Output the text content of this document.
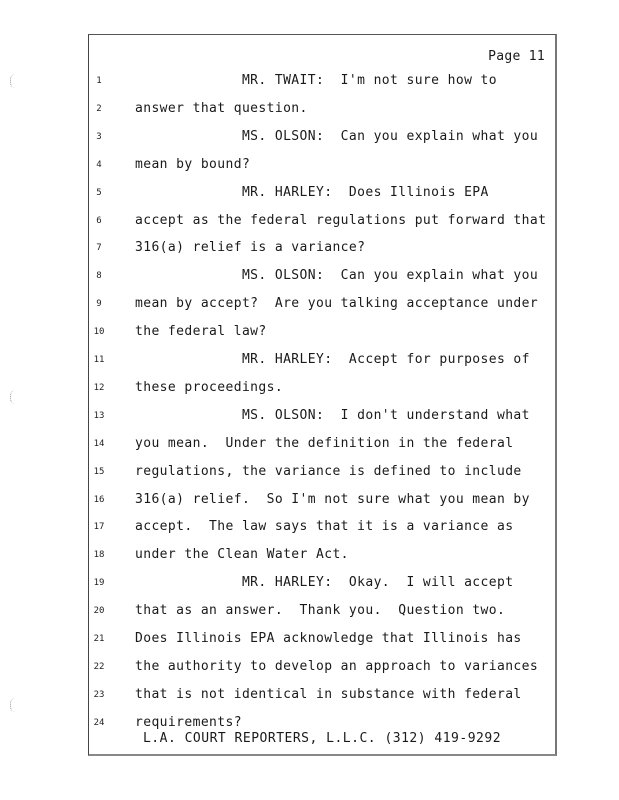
Page 11
1	MR. TWAIT:  I'm not sure how to
2	answer that question.
3	MS. OLSON:  Can you explain what you
4	mean by bound?
5	MR. HARLEY:  Does Illinois EPA
6	accept as the federal regulations put forward that
7	316(a) relief is a variance?
8	MS. OLSON:  Can you explain what you
9	mean by accept?  Are you talking acceptance under
10	the federal law?
11	MR. HARLEY:  Accept for purposes of
12	these proceedings.
13	MS. OLSON:  I don't understand what
14	you mean.  Under the definition in the federal
15	regulations, the variance is defined to include
16	316(a) relief.  So I'm not sure what you mean by
17	accept.  The law says that it is a variance as
18	under the Clean Water Act.
19	MR. HARLEY:  Okay.  I will accept
20	that as an answer.  Thank you.  Question two.
21	Does Illinois EPA acknowledge that Illinois has
22	the authority to develop an approach to variances
23	that is not identical in substance with federal
24	requirements?
L.A. COURT REPORTERS, L.L.C. (312) 419-9292
